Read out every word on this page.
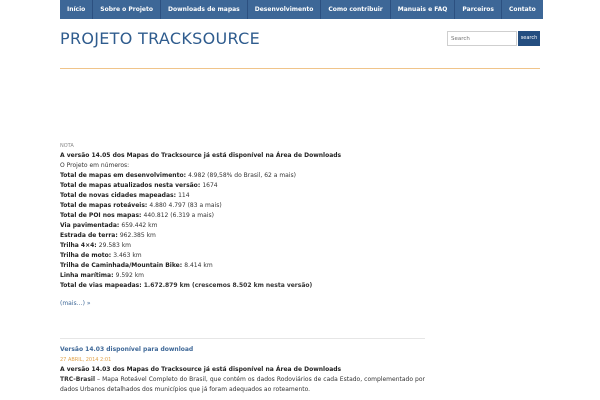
Início	Sobre o Projeto	Downloads de mapas	Desenvolvimento	Como contribuir	Manuais e FAQ	Parceiros	Contato
PROJETO TRACKSOURCE
Search	search
NOTA
A versão 14.05 dos Mapas do Tracksource já está disponível na Área de Downloads
O Projeto em números:
Total de mapas em desenvolvimento: 4.982 (89,58% do Brasil, 62 a mais)
Total de mapas atualizados nesta versão: 1674
Total de novas cidades mapeadas: 114
Total de mapas roteáveis: 4.880 4.797 (83 a mais)
Total de POI nos mapas: 440.812 (6.319 a mais)
Via pavimentada: 659.442 km
Estrada de terra: 962.385 km
Trilha 4×4: 29.583 km
Trilha de moto: 3.463 km
Trilha de Caminhada/Mountain Bike: 8.414 km
Linha marítima: 9.592 km
Total de vias mapeadas: 1.672.879 km (crescemos 8.502 km nesta versão)
(mais…) »
Versão 14.03 disponível para download
27 ABRIL, 2014 2:01
A versão 14.03 dos Mapas do Tracksource já está disponível na Área de Downloads
TRC-Brasil – Mapa Roteável Completo do Brasil, que contém os dados Rodoviários de cada Estado, complementado por dados Urbanos detalhados dos municípios que já foram adequados ao roteamento.
